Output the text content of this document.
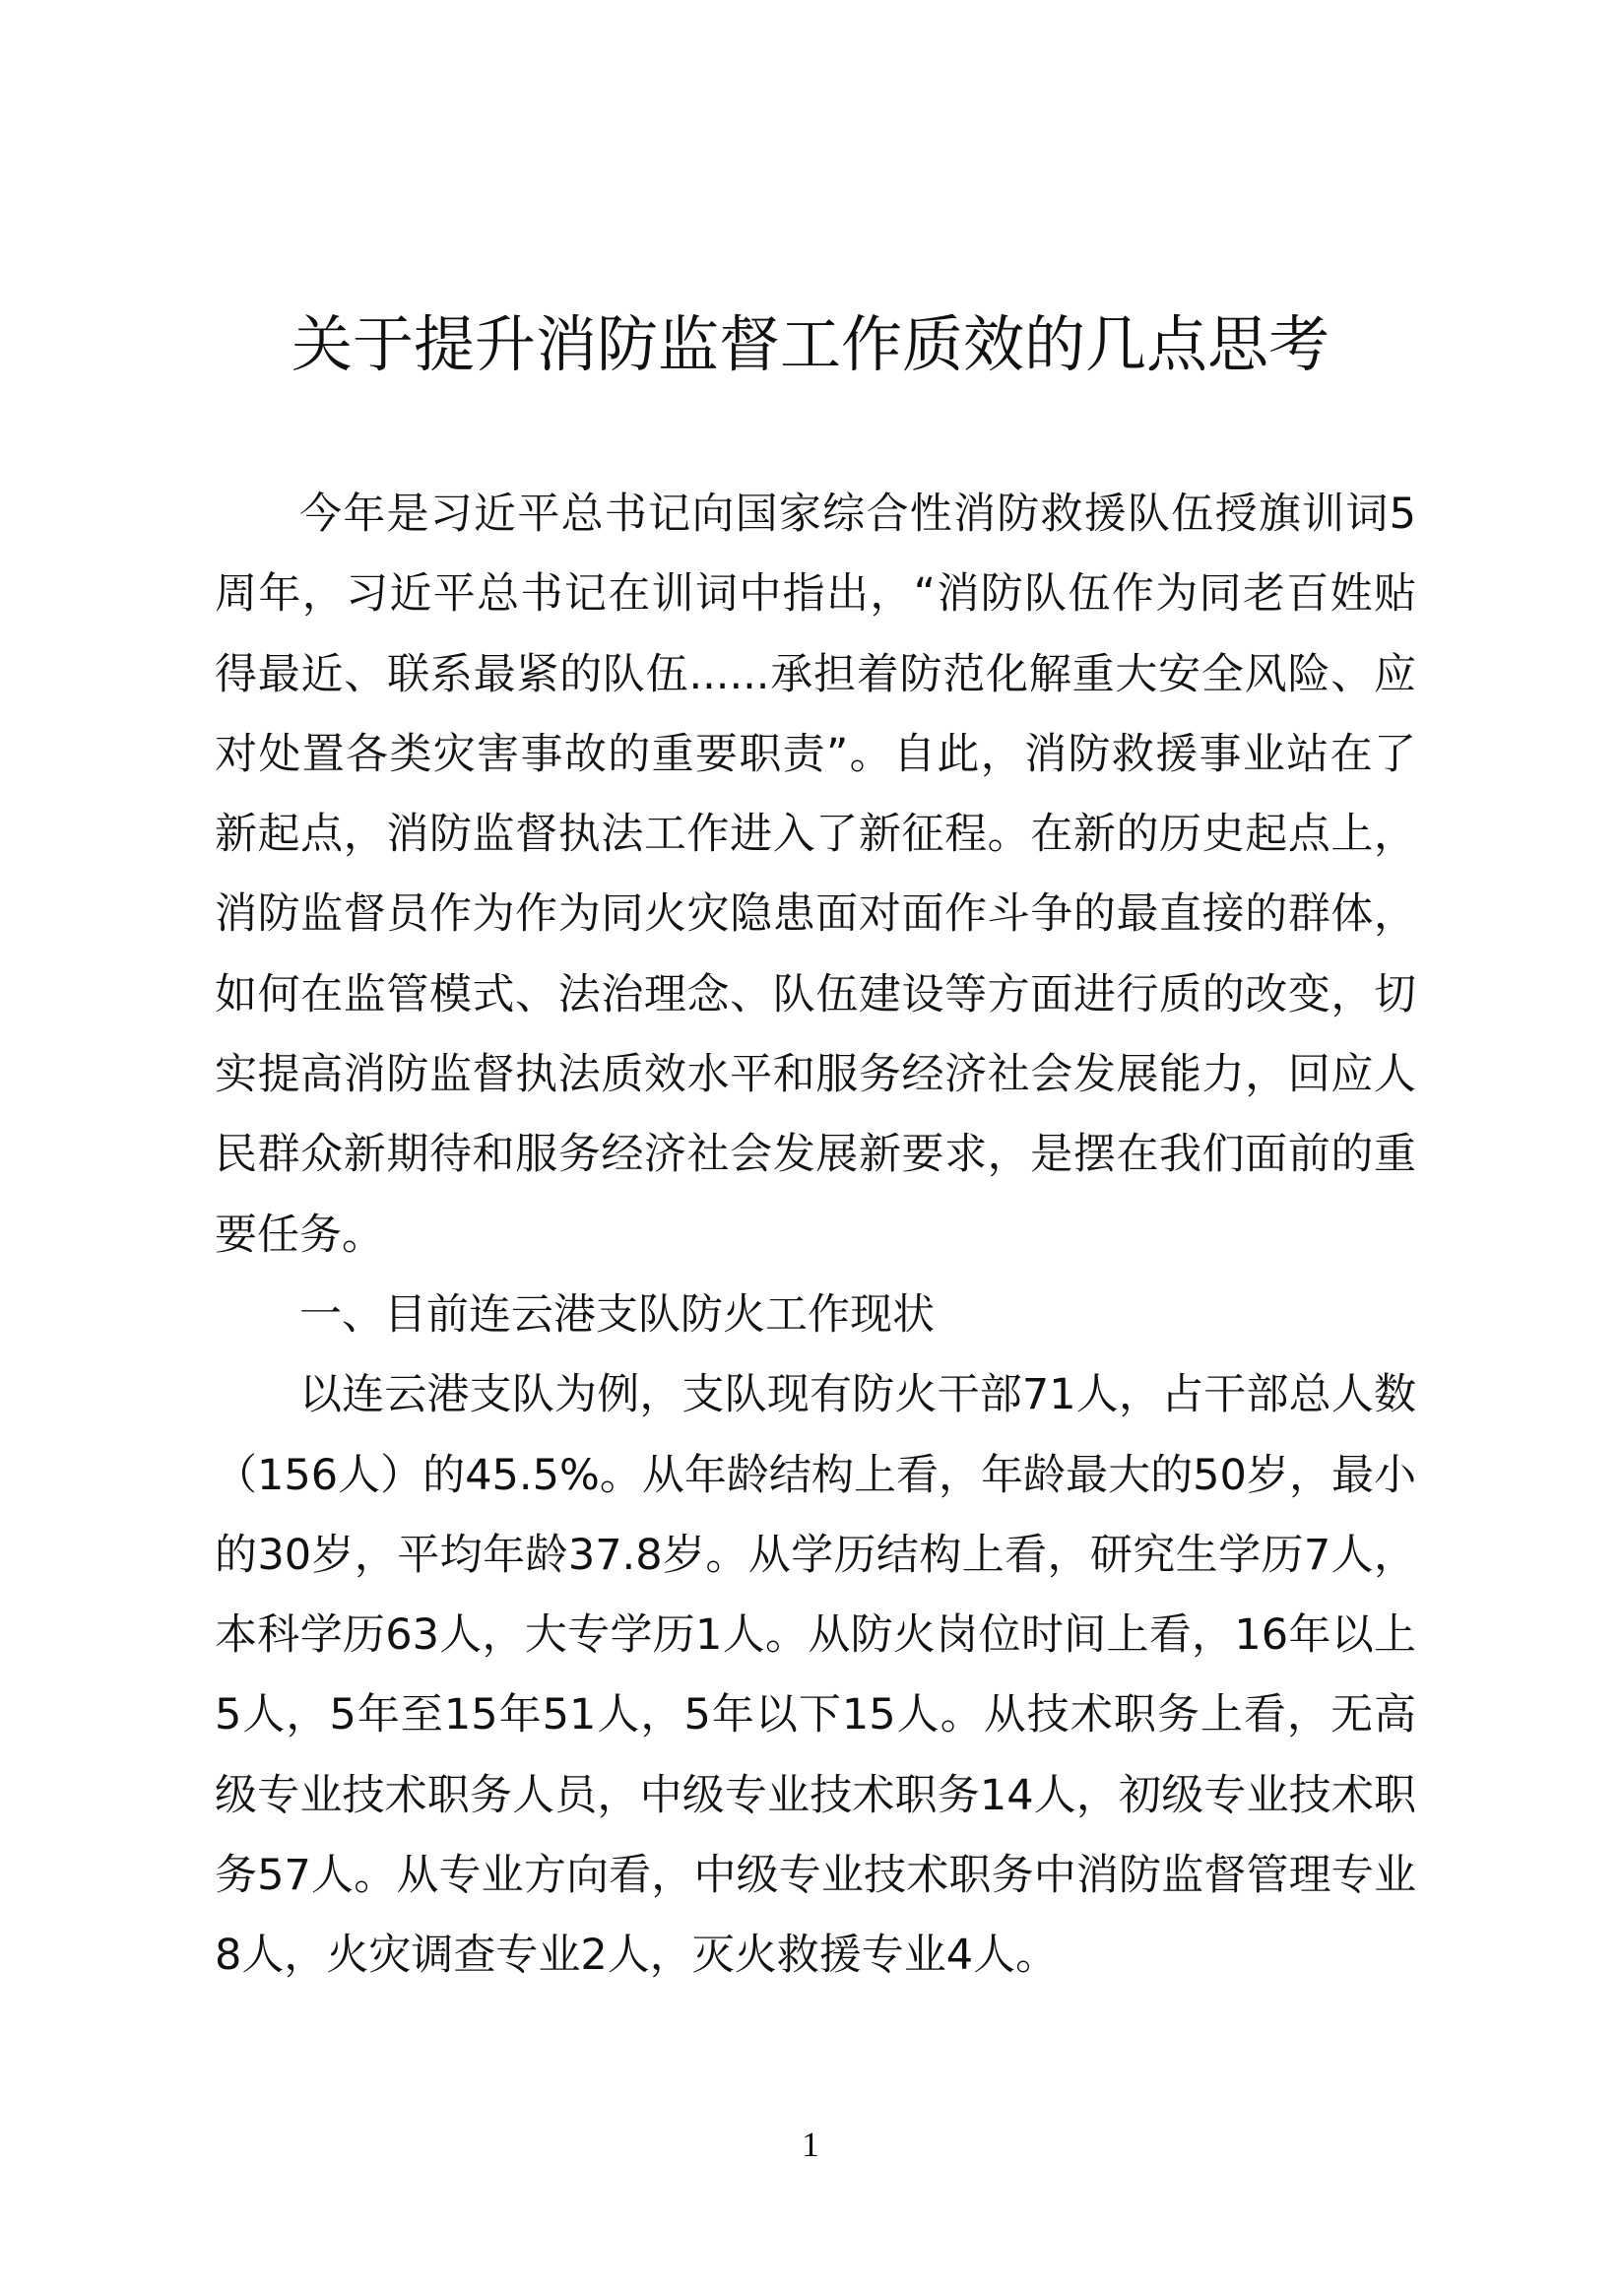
关于提升消防监督工作质效的几点思考

今年是习近平总书记向国家综合性消防救援队伍授旗训词5周年，习近平总书记在训词中指出，“消防队伍作为同老百姓贴得最近、联系最紧的队伍......承担着防范化解重大安全风险、应对处置各类灾害事故的重要职责”。自此，消防救援事业站在了新起点，消防监督执法工作进入了新征程。在新的历史起点上，消防监督员作为作为同火灾隐患面对面作斗争的最直接的群体，如何在监管模式、法治理念、队伍建设等方面进行质的改变，切实提高消防监督执法质效水平和服务经济社会发展能力，回应人民群众新期待和服务经济社会发展新要求，是摆在我们面前的重要任务。

一、目前连云港支队防火工作现状

以连云港支队为例，支队现有防火干部71人，占干部总人数（156人）的45.5%。从年龄结构上看，年龄最大的50岁，最小的30岁，平均年龄37.8岁。从学历结构上看，研究生学历7人，本科学历63人，大专学历1人。从防火岗位时间上看，16年以上5人，5年至15年51人，5年以下15人。从技术职务上看，无高级专业技术职务人员，中级专业技术职务14人，初级专业技术职务57人。从专业方向看，中级专业技术职务中消防监督管理专业8人，火灾调查专业2人，灭火救援专业4人。

1
